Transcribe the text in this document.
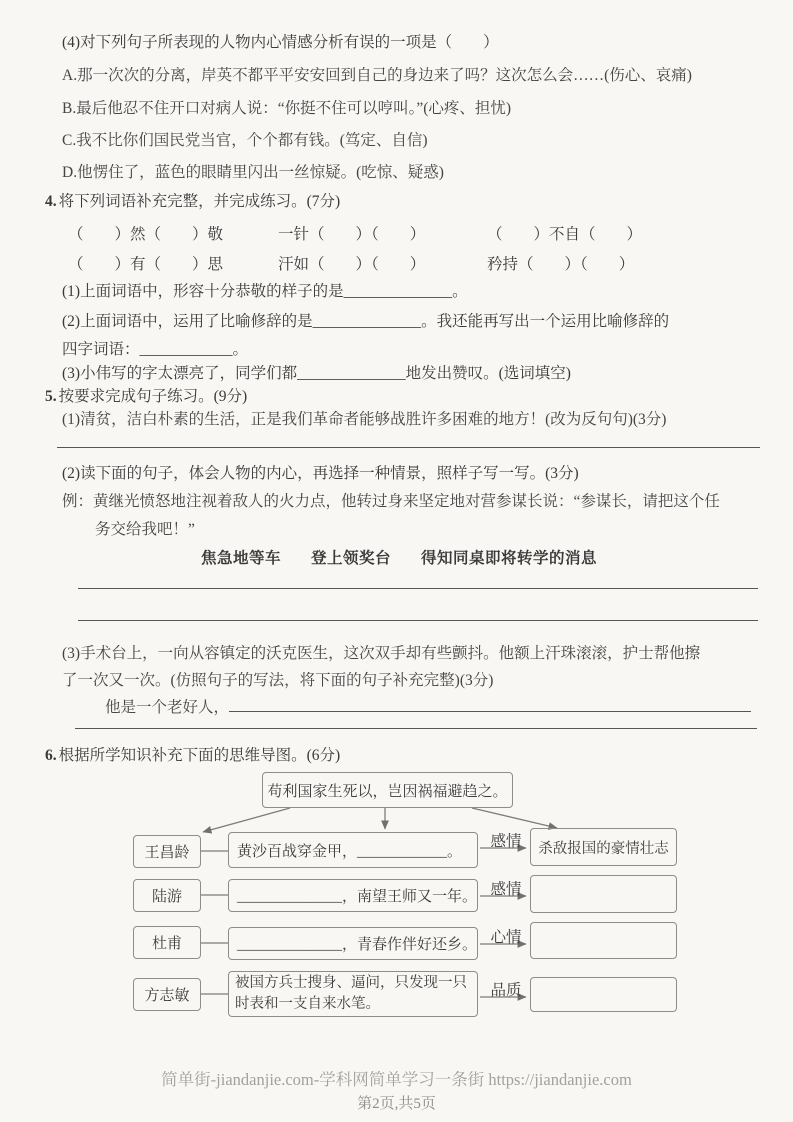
(4)对下列句子所表现的人物内心情感分析有误的一项是（　　）
A.那一次次的分离，岸英不都平平安安回到自己的身边来了吗？这次怎么会……(伤心、哀痛)
B.最后他忍不住开口对病人说：“你挺不住可以哼叫。”(心疼、担忧)
C.我不比你们国民党当官，个个都有钱。(笃定、自信)
D.他愣住了，蓝色的眼睛里闪出一丝惊疑。(吃惊、疑惑)
4. 将下列词语补充完整，并完成练习。(7分)
（　　）然（　　）敬	一针（　　）（　　）	（　　）不自（　　）
（　　）有（　　）思	汗如（　　）（　　）	矜持（　　）（　　）
(1)上面词语中，形容十分恭敬的样子的是______________。
(2)上面词语中，运用了比喻修辞的是______________。我还能再写出一个运用比喻修辞的
四字词语：____________。
(3)小伟写的字太漂亮了，同学们都______________地发出赞叹。(选词填空)
5. 按要求完成句子练习。(9分)
(1)清贫，洁白朴素的生活，正是我们革命者能够战胜许多困难的地方！(改为反句句)(3分)
(2)读下面的句子，体会人物的内心，再选择一种情景，照样子写一写。(3分)
例：黄继光愤怒地注视着敌人的火力点，他转过身来坚定地对营参谋长说：“参谋长，请把这个任
务交给我吧！”
焦急地等车 登上领奖台 得知同桌即将转学的消息
(3)手术台上，一向从容镇定的沃克医生，这次双手却有些颤抖。他额上汗珠滚滚，护士帮他擦
了一次又一次。(仿照句子的写法，将下面的句子补充完整)(3分)
他是一个老好人，
6. 根据所学知识补充下面的思维导图。(6分)
苟利国家生死以，岂因祸福避趋之。
王昌龄
陆游
杜甫
方志敏
黄沙百战穿金甲，____________。
______________，南望王师又一年。
______________，青春作伴好还乡。
被国方兵士搜身、逼问，只发现一只时表和一支自来水笔。
感情
感情
心情
品质
杀敌报国的豪情壮志
简单街-jiandanjie.com-学科网简单学习一条街 https://jiandanjie.com
第2页,共5页
